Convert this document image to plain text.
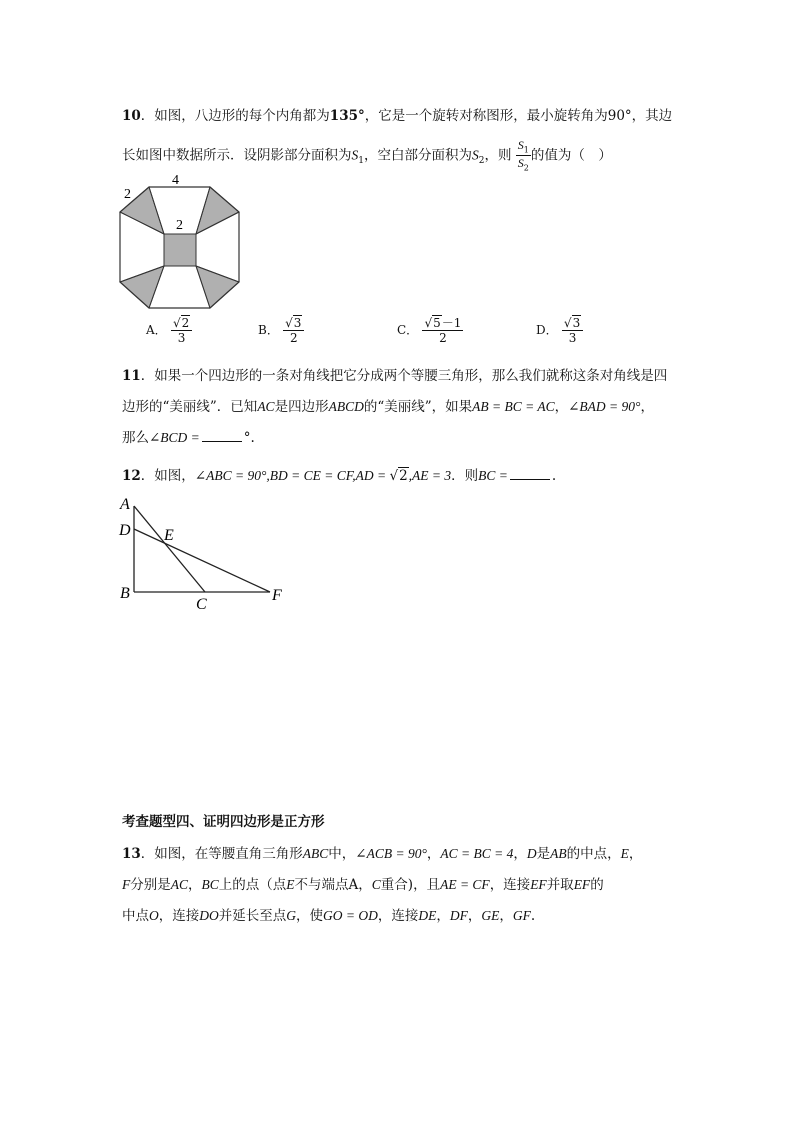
10．如图，八边形的每个内角都为135°，它是一个旋转对称图形，最小旋转角为90°，其边
长如图中数据所示．设阴影部分面积为$S_1$，空白部分面积为$S_2$，则 $\frac{S_1}{S_2}$ 的值为（　）
4
2
2
A． $\frac{√2}{3}$	B． $\frac{√3}{2}$	C． $\frac{√5-1}{2}$	D． $\frac{√3}{3}$
11．如果一个四边形的一条对角线把它分成两个等腰三角形，那么我们就称这条对角线是四
边形的“美丽线”．已知AC是四边形ABCD的“美丽线”，如果AB = BC = AC，∠BAD = 90°，
那么∠BCD =	°.
12．如图，∠ABC = 90°,BD = CE = CF,AD = √2,AE = 3．则BC =	.
A
D E
B
C
F
考查题型四、证明四边形是正方形
13．如图，在等腰直角三角形ABC中，∠ACB = 90°，AC = BC = 4，D是AB的中点，E，
F分别是AC，BC上的点（点E不与端点A，C重合)，且AE = CF，连接EF并取EF的
中点O，连接DO并延长至点G，使GO = OD，连接DE，DF，GE，GF.
